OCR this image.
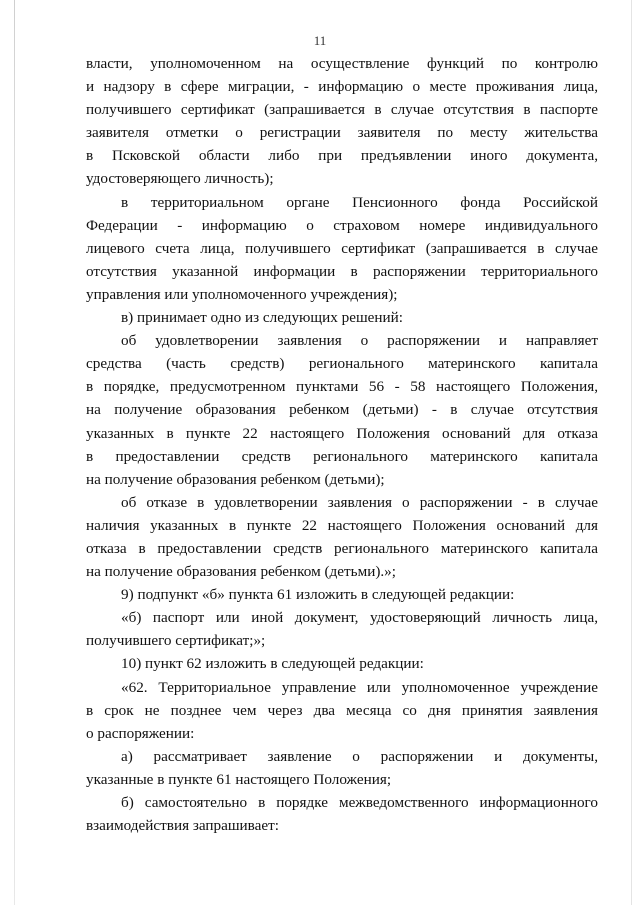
11
власти, уполномоченном на осуществление функций по контролю
и надзору в сфере миграции, - информацию о месте проживания лица,
получившего сертификат (запрашивается в случае отсутствия в паспорте
заявителя отметки о регистрации заявителя по месту жительства
в Псковской области либо при предъявлении иного документа,
удостоверяющего личность);
в территориальном органе Пенсионного фонда Российской
Федерации - информацию о страховом номере индивидуального
лицевого счета лица, получившего сертификат (запрашивается в случае
отсутствия указанной информации в распоряжении территориального
управления или уполномоченного учреждения);
в) принимает одно из следующих решений:
об удовлетворении заявления о распоряжении и направляет
средства (часть средств) регионального материнского капитала
в порядке, предусмотренном пунктами 56 - 58 настоящего Положения,
на получение образования ребенком (детьми) - в случае отсутствия
указанных в пункте 22 настоящего Положения оснований для отказа
в предоставлении средств регионального материнского капитала
на получение образования ребенком (детьми);
об отказе в удовлетворении заявления о распоряжении - в случае
наличия указанных в пункте 22 настоящего Положения оснований для
отказа в предоставлении средств регионального материнского капитала
на получение образования ребенком (детьми).»;
9) подпункт «б» пункта 61 изложить в следующей редакции:
«б) паспорт или иной документ, удостоверяющий личность лица,
получившего сертификат;»;
10) пункт 62 изложить в следующей редакции:
«62. Территориальное управление или уполномоченное учреждение
в срок не позднее чем через два месяца со дня принятия заявления
о распоряжении:
а) рассматривает заявление о распоряжении и документы,
указанные в пункте 61 настоящего Положения;
б) самостоятельно в порядке межведомственного информационного
взаимодействия запрашивает:
